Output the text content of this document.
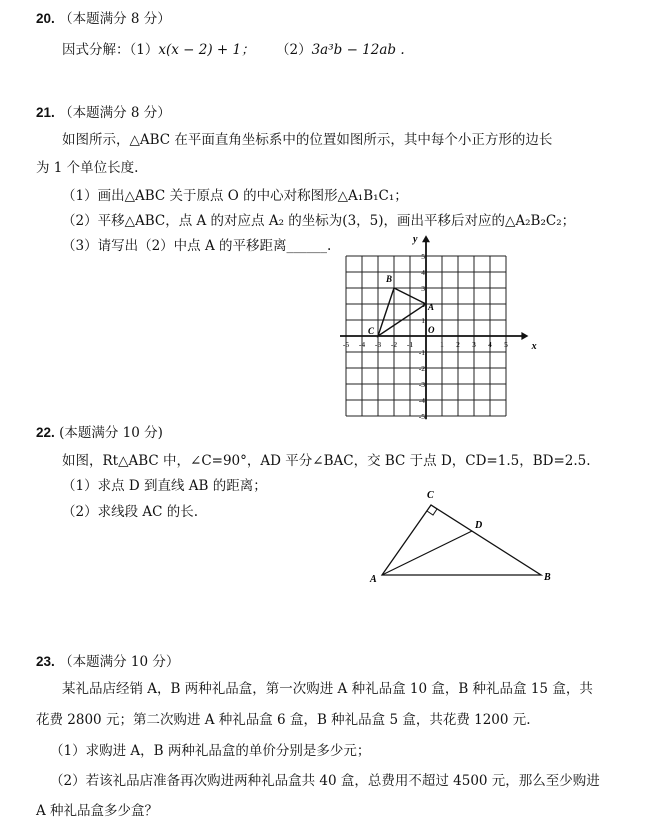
20. （本题满分 8 分）
因式分解：（1）x(x − 2) + 1； （2）3a³b − 12ab .
21. （本题满分 8 分）
如图所示，△ABC 在平面直角坐标系中的位置如图所示，其中每个小正方形的边长
为 1 个单位长度.
（1）画出△ABC 关于原点 O 的中心对称图形△A₁B₁C₁；
（2）平移△ABC，点 A 的对应点 A₂ 的坐标为(3，5)，画出平移后对应的△A₂B₂C₂；
（3）请写出（2）中点 A 的平移距离______.
x
y
O
-5 -4 -3 -2 -1	1 2 3 4 5
5
4
3
2
1
-1
-2
-3
-4
-5
A
B
C
22. (本题满分 10 分)
如图，Rt△ABC 中，∠C=90°，AD 平分∠BAC，交 BC 于点 D，CD=1.5，BD=2.5.
（1）求点 D 到直线 AB 的距离；
（2）求线段 AC 的长.
C
D
A	B
23. （本题满分 10 分）
某礼品店经销 A，B 两种礼品盒，第一次购进 A 种礼品盒 10 盒，B 种礼品盒 15 盒，共
花费 2800 元；第二次购进 A 种礼品盒 6 盒，B 种礼品盒 5 盒，共花费 1200 元.
（1）求购进 A，B 两种礼品盒的单价分别是多少元；
（2）若该礼品店准备再次购进两种礼品盒共 40 盒，总费用不超过 4500 元，那么至少购进
A 种礼品盒多少盒？
